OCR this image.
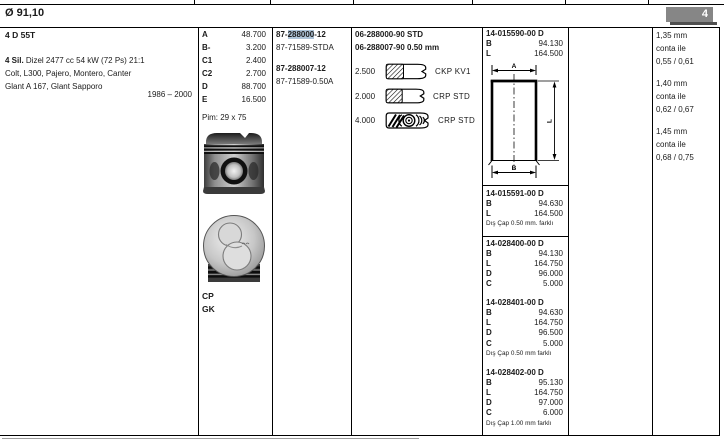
Ø 91,10	4
4 D 55T
4 Sil. Dizel 2477 cc 54 kW (72 Ps) 21:1
Colt, L300, Pajero, Montero, Canter
Glant A 167, Glant Sapporo
1986 – 2000
A	48.700
B-	3.200
C1	2.400
C2	2.700
D	88.700
E	16.500
Pim: 29 x 75
CP
GK
87-288000-12
87-71589-STDA
87-288007-12
87-71589-0.50A
06-288000-90 STD
06-288007-90 0.50 mm
2.500	CKP KV1
2.000	CRP STD
4.000	CRP STD
14-015590-00 D
B	94.130
L	164.500
A
L
B
14-015591-00 D
B	94.630
L	164.500
Dış Çap 0.50 mm. farklı
14-028400-00 D
B	94.130
L	164.750
D	96.000
C	5.000
14-028401-00 D
B	94.630
L	164.750
D	96.500
C	5.000
Dış Çap 0.50 mm farklı
14-028402-00 D
B	95.130
L	164.750
D	97.000
C	6.000
Dış Çap 1.00 mm farklı
1,35 mm
conta ile
0,55 / 0,61
1,40 mm
conta ile
0,62 / 0,67
1,45 mm
conta ile
0,68 / 0,75
